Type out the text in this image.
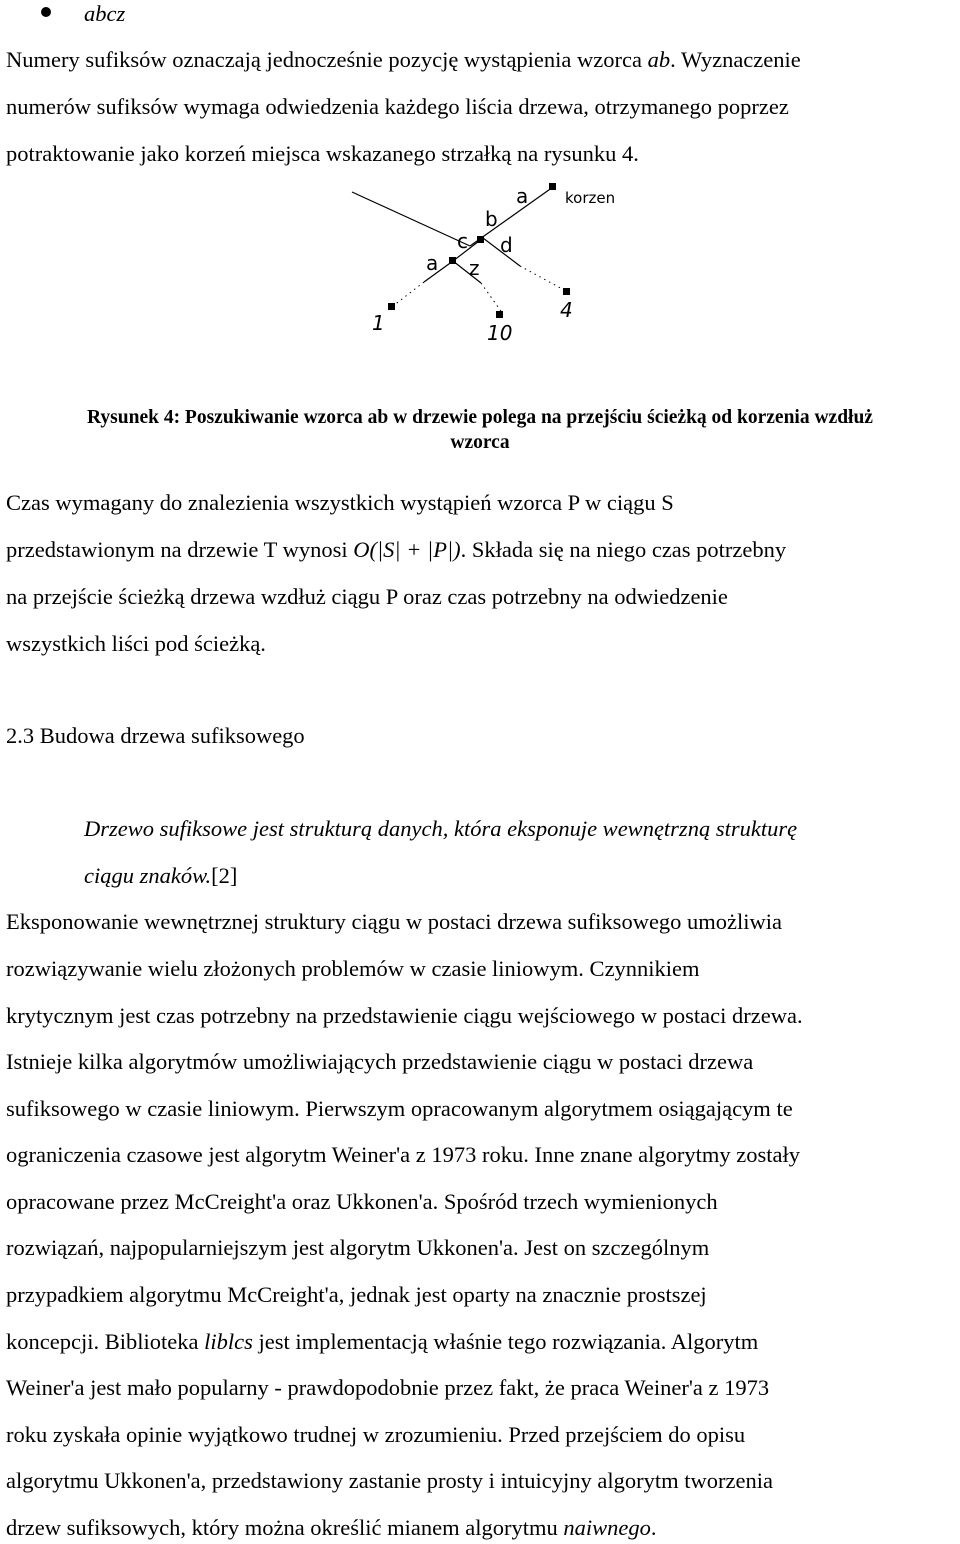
abcz
Numery sufiksów oznaczają jednocześnie pozycję wystąpienia wzorca ab. Wyznaczenie
numerów sufiksów wymaga odwiedzenia każdego liścia drzewa, otrzymanego poprzez
potraktowanie jako korzeń miejsca wskazanego strzałką na rysunku 4.
a korzen
b
c d
a z
1	10
4
Rysunek 4: Poszukiwanie wzorca ab w drzewie polega na przejściu ścieżką od korzenia wzdłuż
wzorca
Czas wymagany do znalezienia wszystkich wystąpień wzorca P w ciągu S
przedstawionym na drzewie T wynosi O(|S| + |P|). Składa się na niego czas potrzebny
na przejście ścieżką drzewa wzdłuż ciągu P oraz czas potrzebny na odwiedzenie
wszystkich liści pod ścieżką.
2.3 Budowa drzewa sufiksowego
Drzewo sufiksowe jest strukturą danych, która eksponuje wewnętrzną strukturę
ciągu znaków.[2]
Eksponowanie wewnętrznej struktury ciągu w postaci drzewa sufiksowego umożliwia
rozwiązywanie wielu złożonych problemów w czasie liniowym. Czynnikiem
krytycznym jest czas potrzebny na przedstawienie ciągu wejściowego w postaci drzewa.
Istnieje kilka algorytmów umożliwiających przedstawienie ciągu w postaci drzewa
sufiksowego w czasie liniowym. Pierwszym opracowanym algorytmem osiągającym te
ograniczenia czasowe jest algorytm Weiner'a z 1973 roku. Inne znane algorytmy zostały
opracowane przez McCreight'a oraz Ukkonen'a. Spośród trzech wymienionych
rozwiązań, najpopularniejszym jest algorytm Ukkonen'a. Jest on szczególnym
przypadkiem algorytmu McCreight'a, jednak jest oparty na znacznie prostszej
koncepcji. Biblioteka liblcs jest implementacją właśnie tego rozwiązania. Algorytm
Weiner'a jest mało popularny - prawdopodobnie przez fakt, że praca Weiner'a z 1973
roku zyskała opinie wyjątkowo trudnej w zrozumieniu. Przed przejściem do opisu
algorytmu Ukkonen'a, przedstawiony zastanie prosty i intuicyjny algorytm tworzenia
drzew sufiksowych, który można określić mianem algorytmu naiwnego.
